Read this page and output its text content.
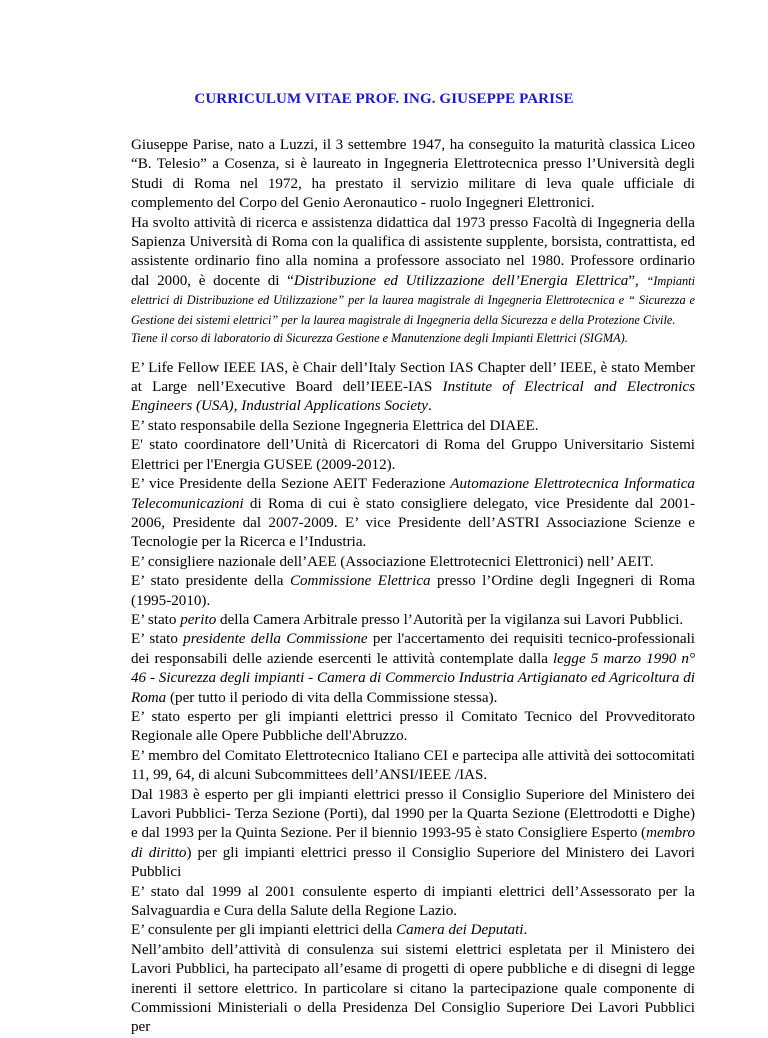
CURRICULUM VITAE PROF. ING. GIUSEPPE PARISE

Giuseppe Parise, nato a Luzzi, il 3 settembre 1947, ha conseguito la maturità classica Liceo “B. Telesio” a Cosenza, si è laureato in Ingegneria Elettrotecnica presso l’Università degli Studi di Roma nel 1972, ha prestato il servizio militare di leva quale ufficiale di complemento del Corpo del Genio Aeronautico - ruolo Ingegneri Elettronici.

Ha svolto attività di ricerca e assistenza didattica dal 1973 presso Facoltà di Ingegneria della Sapienza Università di Roma con la qualifica di assistente supplente, borsista, contrattista, ed assistente ordinario fino alla nomina a professore associato nel 1980. Professore ordinario dal 2000, è docente di “Distribuzione ed Utilizzazione dell’Energia Elettrica”, “Impianti elettrici di Distribuzione ed Utilizzazione” per la laurea magistrale di Ingegneria Elettrotecnica e “ Sicurezza e Gestione dei sistemi elettrici” per la laurea magistrale di Ingegneria della Sicurezza e della Protezione Civile.

Tiene il corso di laboratorio di Sicurezza Gestione e Manutenzione degli Impianti Elettrici (SIGMA).

E’ Life Fellow IEEE IAS, è Chair dell’Italy Section IAS Chapter dell’ IEEE, è stato Member at Large nell’Executive Board dell’IEEE-IAS Institute of Electrical and Electronics Engineers (USA), Industrial Applications Society.

E’ stato responsabile della Sezione Ingegneria Elettrica del DIAEE.

E' stato coordinatore dell’Unità di Ricercatori di Roma del Gruppo Universitario Sistemi Elettrici per l'Energia GUSEE (2009-2012).

E’ vice Presidente della Sezione AEIT Federazione Automazione Elettrotecnica Informatica Telecomunicazioni di Roma di cui è stato consigliere delegato, vice Presidente dal 2001-2006, Presidente dal 2007-2009. E’ vice Presidente dell’ASTRI Associazione Scienze e Tecnologie per la Ricerca e l’Industria.

E’ consigliere nazionale dell’AEE (Associazione Elettrotecnici Elettronici) nell’ AEIT.

E’ stato presidente della Commissione Elettrica presso l’Ordine degli Ingegneri di Roma (1995-2010).

E’ stato perito della Camera Arbitrale presso l’Autorità per la vigilanza sui Lavori Pubblici.

E’ stato presidente della Commissione per l'accertamento dei requisiti tecnico-professionali dei responsabili delle aziende esercenti le attività contemplate dalla legge 5 marzo 1990 n° 46 - Sicurezza degli impianti - Camera di Commercio Industria Artigianato ed Agricoltura di Roma (per tutto il periodo di vita della Commissione stessa).

E’ stato esperto per gli impianti elettrici presso il Comitato Tecnico del Provveditorato Regionale alle Opere Pubbliche dell'Abruzzo.

E’ membro del Comitato Elettrotecnico Italiano CEI e partecipa alle attività dei sottocomitati 11, 99, 64, di alcuni Subcommittees dell’ANSI/IEEE /IAS.

Dal 1983 è esperto per gli impianti elettrici presso il Consiglio Superiore del Ministero dei Lavori Pubblici- Terza Sezione (Porti), dal 1990 per la Quarta Sezione (Elettrodotti e Dighe) e dal 1993 per la Quinta Sezione. Per il biennio 1993-95 è stato Consigliere Esperto (membro di diritto) per gli impianti elettrici presso il Consiglio Superiore del Ministero dei Lavori Pubblici

E’ stato dal 1999 al 2001 consulente esperto di impianti elettrici dell’Assessorato per la Salvaguardia e Cura della Salute della Regione Lazio.

E’ consulente per gli impianti elettrici della Camera dei Deputati.

Nell’ambito dell’attività di consulenza sui sistemi elettrici espletata per il Ministero dei Lavori Pubblici, ha partecipato all’esame di progetti di opere pubbliche e di disegni di legge inerenti il settore elettrico. In particolare si citano la partecipazione quale componente di Commissioni Ministeriali o della Presidenza Del Consiglio Superiore Dei Lavori Pubblici per
